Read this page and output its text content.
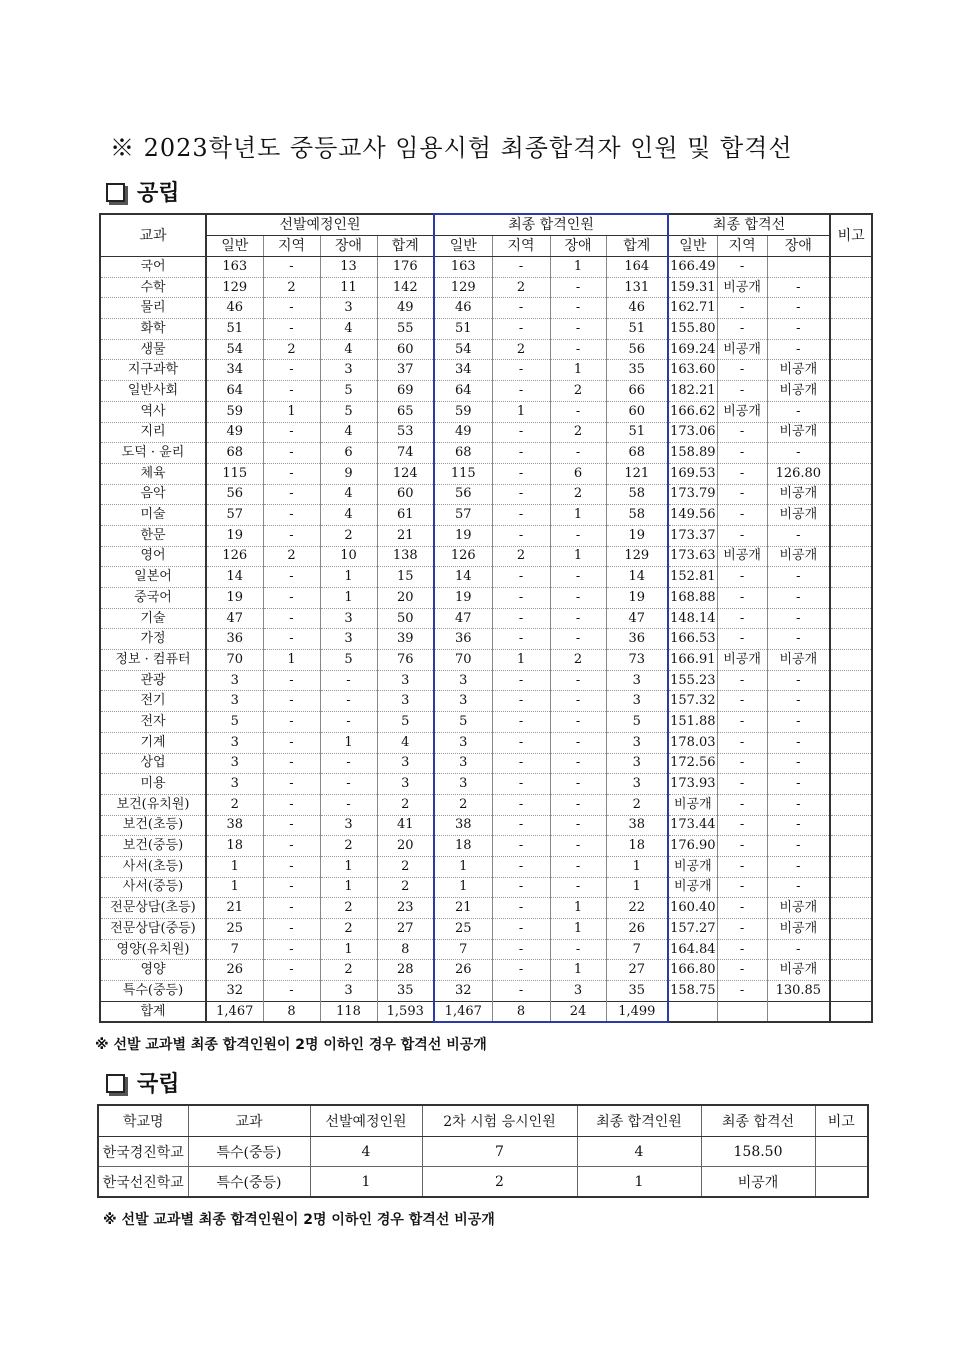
※ 2023학년도 중등교사 임용시험 최종합격자 인원 및 합격선
공립
교과	선발예정인원				최종 합격인원				최종 합격선			비고
	일반	지역	장애	합계	일반	지역	장애	합계	일반	지역	장애	
국어	163	-	13	176	163	-	1	164	166.49	-		
수학	129	2	11	142	129	2	-	131	159.31	비공개	-	
물리	46	-	3	49	46	-	-	46	162.71	-	-	
화학	51	-	4	55	51	-	-	51	155.80	-	-	
생물	54	2	4	60	54	2	-	56	169.24	비공개	-	
지구과학	34	-	3	37	34	-	1	35	163.60	-	비공개	
일반사회	64	-	5	69	64	-	2	66	182.21	-	비공개	
역사	59	1	5	65	59	1	-	60	166.62	비공개	-	
지리	49	-	4	53	49	-	2	51	173.06	-	비공개	
도덕 · 윤리	68	-	6	74	68	-	-	68	158.89	-	-	
체육	115	-	9	124	115	-	6	121	169.53	-	126.80	
음악	56	-	4	60	56	-	2	58	173.79	-	비공개	
미술	57	-	4	61	57	-	1	58	149.56	-	비공개	
한문	19	-	2	21	19	-	-	19	173.37	-	-	
영어	126	2	10	138	126	2	1	129	173.63	비공개	비공개	
일본어	14	-	1	15	14	-	-	14	152.81	-	-	
중국어	19	-	1	20	19	-	-	19	168.88	-	-	
기술	47	-	3	50	47	-	-	47	148.14	-	-	
가정	36	-	3	39	36	-	-	36	166.53	-	-	
정보 · 컴퓨터	70	1	5	76	70	1	2	73	166.91	비공개	비공개	
관광	3	-	-	3	3	-	-	3	155.23	-	-	
전기	3	-	-	3	3	-	-	3	157.32	-	-	
전자	5	-	-	5	5	-	-	5	151.88	-	-	
기계	3	-	1	4	3	-	-	3	178.03	-	-	
상업	3	-	-	3	3	-	-	3	172.56	-	-	
미용	3	-	-	3	3	-	-	3	173.93	-	-	
보건(유치원)	2	-	-	2	2	-	-	2	비공개	-	-	
보건(초등)	38	-	3	41	38	-	-	38	173.44	-	-	
보건(중등)	18	-	2	20	18	-	-	18	176.90	-	-	
사서(초등)	1	-	1	2	1	-	-	1	비공개	-	-	
사서(중등)	1	-	1	2	1	-	-	1	비공개	-	-	
전문상담(초등)	21	-	2	23	21	-	1	22	160.40	-	비공개	
전문상담(중등)	25	-	2	27	25	-	1	26	157.27	-	비공개	
영양(유치원)	7	-	1	8	7	-	-	7	164.84	-	-	
영양	26	-	2	28	26	-	1	27	166.80	-	비공개	
특수(중등)	32	-	3	35	32	-	3	35	158.75	-	130.85	
합계	1,467	8	118	1,593	1,467	8	24	1,499				
※ 선발 교과별 최종 합격인원이 2명 이하인 경우 합격선 비공개
국립
학교명	교과	선발예정인원	2차 시험 응시인원	최종 합격인원	최종 합격선	비고
한국경진학교	특수(중등)	4	7	4	158.50	
한국선진학교	특수(중등)	1	2	1	비공개	
※ 선발 교과별 최종 합격인원이 2명 이하인 경우 합격선 비공개
